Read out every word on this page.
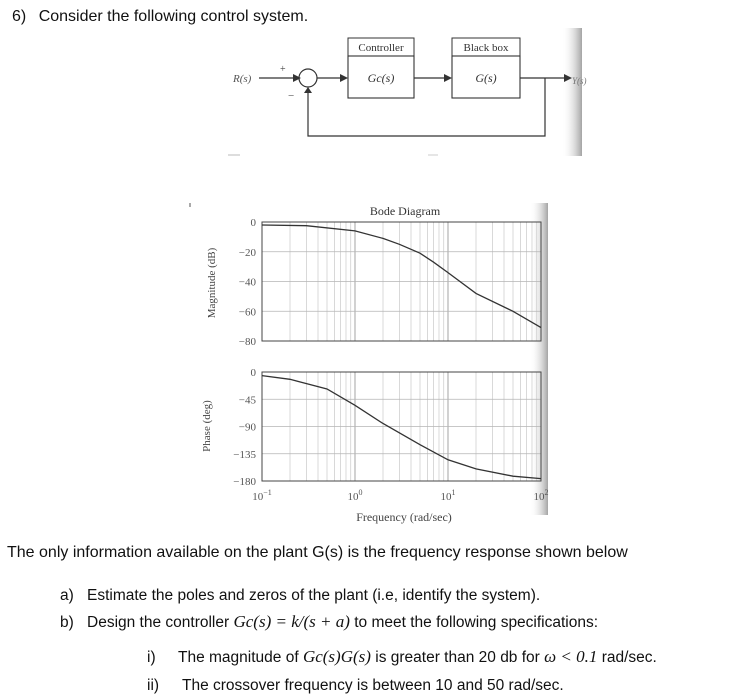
6) Consider the following control system.
R(s)
+
−
Controller
Gc(s)
Black box
G(s)	Y(s)
Bode Diagram
Magnitude (dB)
Phase (deg)
0
−20
−40
−60
−80
0
−45
−90
−135
−180
$10^{-1}$	$10^0$	$10^1$	$10^2$
Frequency (rad/sec)
The only information available on the plant G(s) is the frequency response shown below
a) Estimate the poles and zeros of the plant (i.e, identify the system).
b) Design the controller Gc(s) = k/(s + a) to meet the following specifications:
i) The magnitude of Gc(s)G(s) is greater than 20 db for ω < 0.1 rad/sec.
ii) The crossover frequency is between 10 and 50 rad/sec.
